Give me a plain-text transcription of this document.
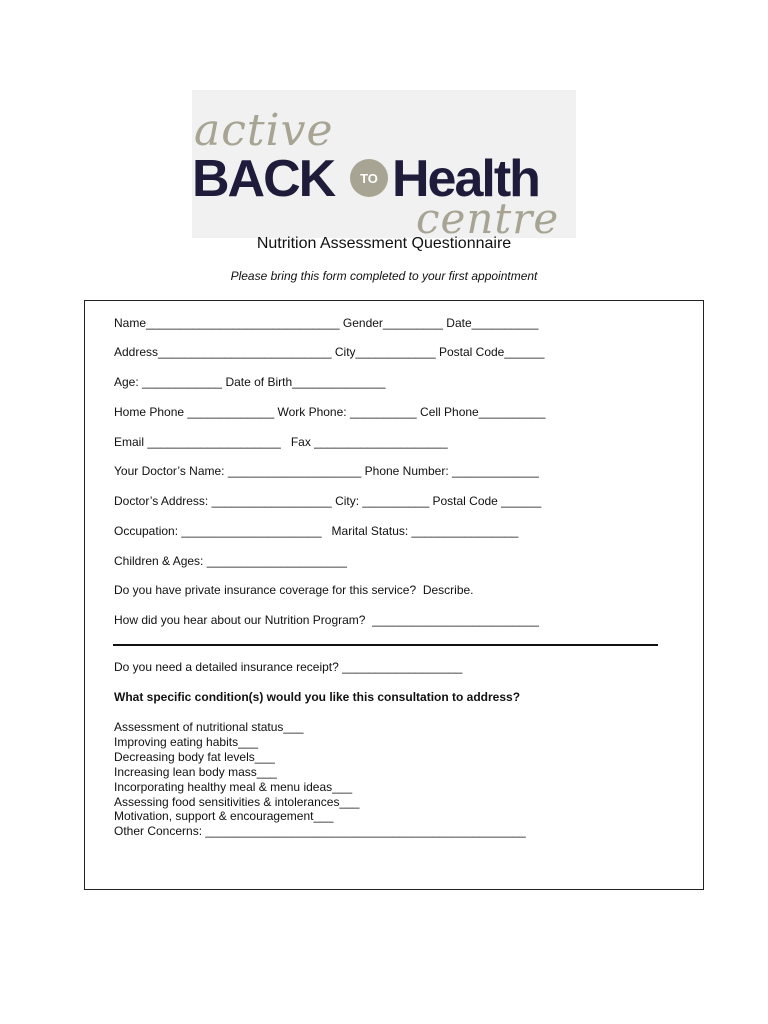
active
BACK TO Health
centre
Nutrition Assessment Questionnaire
Please bring this form completed to your first appointment
Name_____________________________ Gender_________ Date__________
Address__________________________ City____________ Postal Code______
Age: ____________ Date of Birth______________
Home Phone _____________ Work Phone: __________ Cell Phone__________
Email ____________________   Fax ____________________
Your Doctor’s Name: ____________________ Phone Number: _____________
Doctor’s Address: __________________ City: __________ Postal Code ______
Occupation: _____________________   Marital Status: ________________
Children & Ages: _____________________
Do you have private insurance coverage for this service?  Describe.
How did you hear about our Nutrition Program?  _________________________
Do you need a detailed insurance receipt? __________________
What specific condition(s) would you like this consultation to address?
Assessment of nutritional status___
Improving eating habits___
Decreasing body fat levels___
Increasing lean body mass___
Incorporating healthy meal & menu ideas___
Assessing food sensitivities & intolerances___
Motivation, support & encouragement___
Other Concerns: ________________________________________________
